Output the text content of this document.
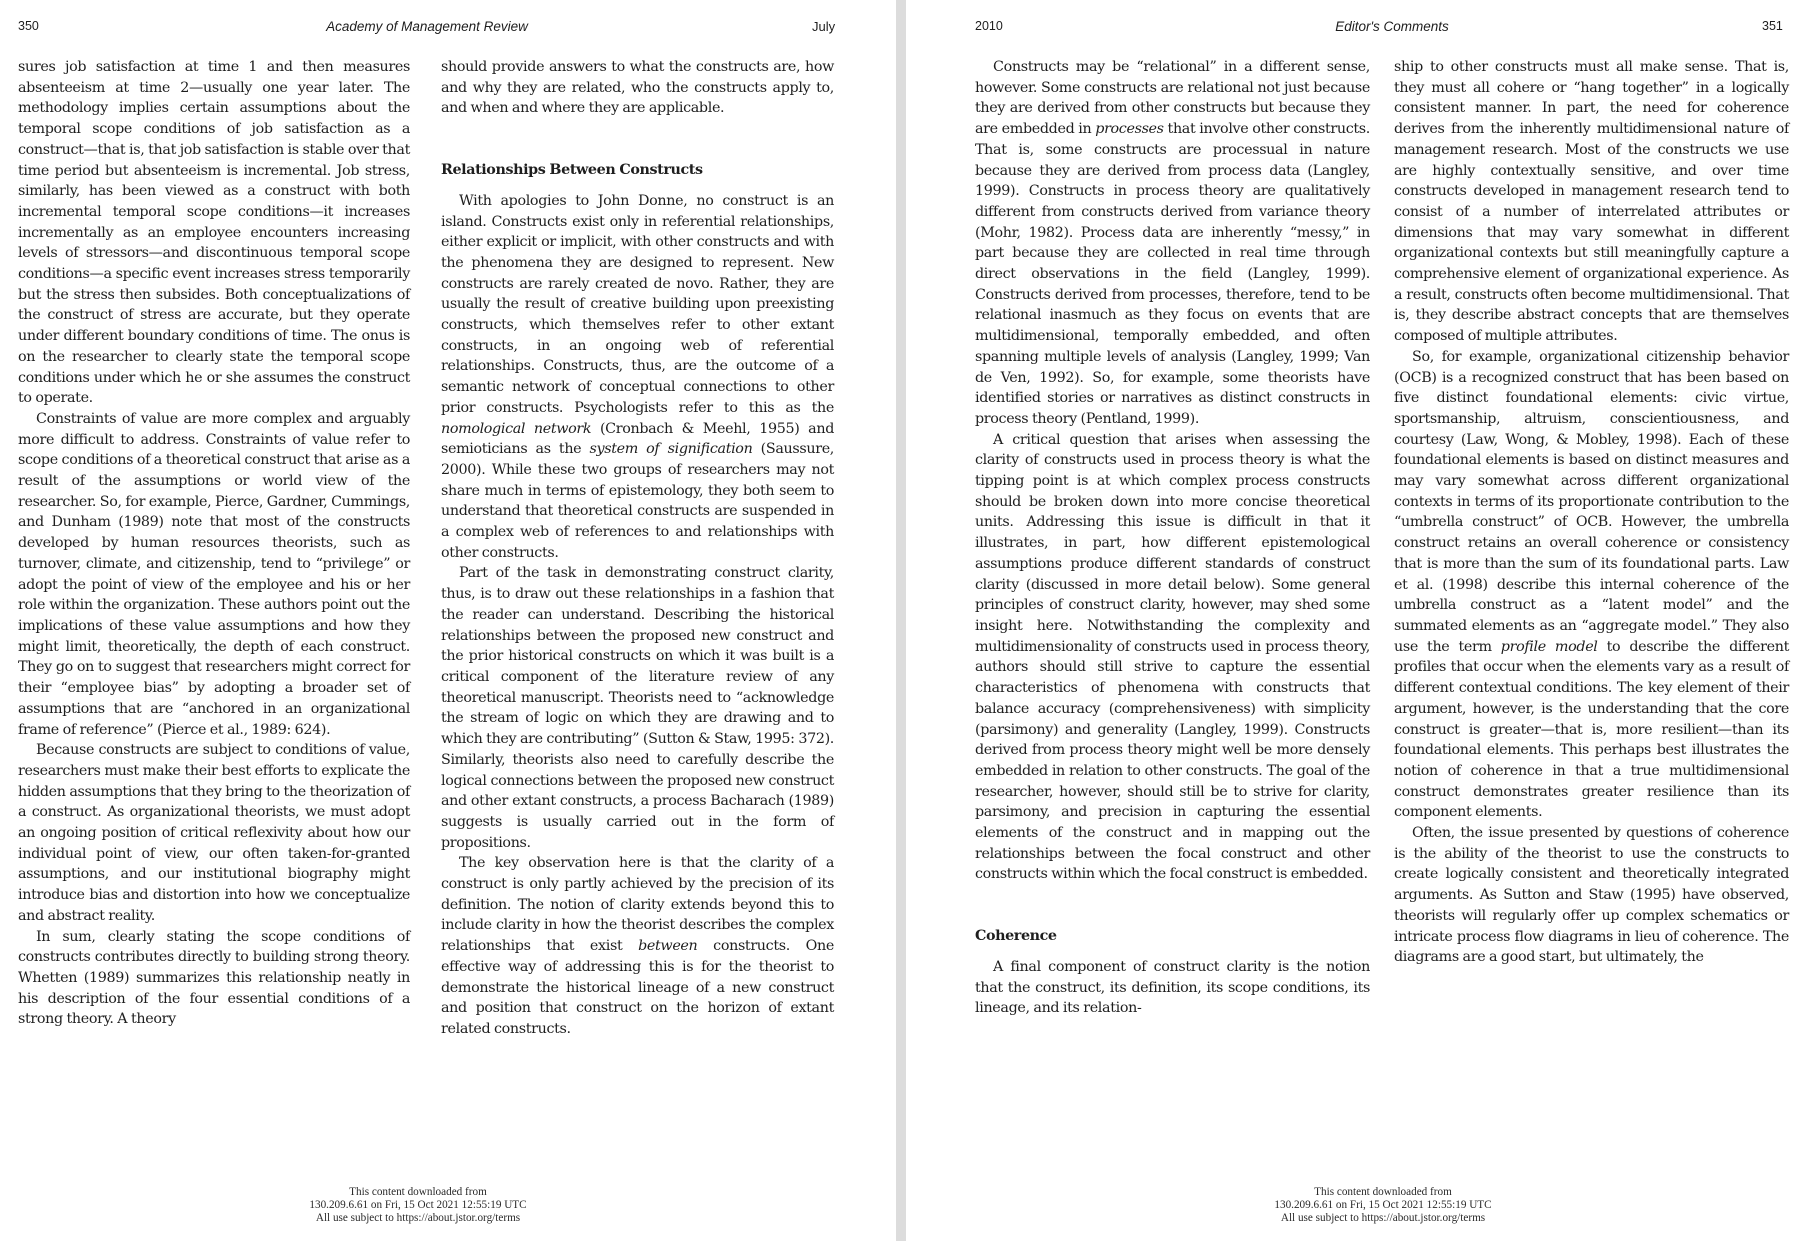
350	Academy of Management Review	July

sures job satisfaction at time 1 and then measures absenteeism at time 2—usually one year later. The methodology implies certain assumptions about the temporal scope conditions of job satisfaction as a construct—that is, that job satisfaction is stable over that time period but absenteeism is incremental. Job stress, similarly, has been viewed as a construct with both incremental temporal scope conditions—it increases incrementally as an employee encounters increasing levels of stressors—and discontinuous temporal scope conditions—a specific event increases stress temporarily but the stress then subsides. Both conceptualizations of the construct of stress are accurate, but they operate under different boundary conditions of time. The onus is on the researcher to clearly state the temporal scope conditions under which he or she assumes the construct to operate.

Constraints of value are more complex and arguably more difficult to address. Constraints of value refer to scope conditions of a theoretical construct that arise as a result of the assumptions or world view of the researcher. So, for example, Pierce, Gardner, Cummings, and Dunham (1989) note that most of the constructs developed by human resources theorists, such as turnover, climate, and citizenship, tend to “privilege” or adopt the point of view of the employee and his or her role within the organization. These authors point out the implications of these value assumptions and how they might limit, theoretically, the depth of each construct. They go on to suggest that researchers might correct for their “employee bias” by adopting a broader set of assumptions that are “anchored in an organizational frame of reference” (Pierce et al., 1989: 624).

Because constructs are subject to conditions of value, researchers must make their best efforts to explicate the hidden assumptions that they bring to the theorization of a construct. As organizational theorists, we must adopt an ongoing position of critical reflexivity about how our individual point of view, our often taken-for-granted assumptions, and our institutional biography might introduce bias and distortion into how we conceptualize and abstract reality.

In sum, clearly stating the scope conditions of constructs contributes directly to building strong theory. Whetten (1989) summarizes this relationship neatly in his description of the four essential conditions of a strong theory. A theory

should provide answers to what the constructs are, how and why they are related, who the constructs apply to, and when and where they are applicable.

Relationships Between Constructs

With apologies to John Donne, no construct is an island. Constructs exist only in referential relationships, either explicit or implicit, with other constructs and with the phenomena they are designed to represent. New constructs are rarely created de novo. Rather, they are usually the result of creative building upon preexisting constructs, which themselves refer to other extant constructs, in an ongoing web of referential relationships. Constructs, thus, are the outcome of a semantic network of conceptual connections to other prior constructs. Psychologists refer to this as the nomological network (Cronbach & Meehl, 1955) and semioticians as the system of signification (Saussure, 2000). While these two groups of researchers may not share much in terms of epistemology, they both seem to understand that theoretical constructs are suspended in a complex web of references to and relationships with other constructs.

Part of the task in demonstrating construct clarity, thus, is to draw out these relationships in a fashion that the reader can understand. Describing the historical relationships between the proposed new construct and the prior historical constructs on which it was built is a critical component of the literature review of any theoretical manuscript. Theorists need to “acknowledge the stream of logic on which they are drawing and to which they are contributing” (Sutton & Staw, 1995: 372). Similarly, theorists also need to carefully describe the logical connections between the proposed new construct and other extant constructs, a process Bacharach (1989) suggests is usually carried out in the form of propositions.

The key observation here is that the clarity of a construct is only partly achieved by the precision of its definition. The notion of clarity extends beyond this to include clarity in how the theorist describes the complex relationships that exist between constructs. One effective way of addressing this is for the theorist to demonstrate the historical lineage of a new construct and position that construct on the horizon of extant related constructs.

This content downloaded from
130.209.6.61 on Fri, 15 Oct 2021 12:55:19 UTC
All use subject to https://about.jstor.org/terms
2010	Editor's Comments	351

Constructs may be “relational” in a different sense, however. Some constructs are relational not just because they are derived from other constructs but because they are embedded in processes that involve other constructs. That is, some constructs are processual in nature because they are derived from process data (Langley, 1999). Constructs in process theory are qualitatively different from constructs derived from variance theory (Mohr, 1982). Process data are inherently “messy,” in part because they are collected in real time through direct observations in the field (Langley, 1999). Constructs derived from processes, therefore, tend to be relational inasmuch as they focus on events that are multidimensional, temporally embedded, and often spanning multiple levels of analysis (Langley, 1999; Van de Ven, 1992). So, for example, some theorists have identified stories or narratives as distinct constructs in process theory (Pentland, 1999).

A critical question that arises when assessing the clarity of constructs used in process theory is what the tipping point is at which complex process constructs should be broken down into more concise theoretical units. Addressing this issue is difficult in that it illustrates, in part, how different epistemological assumptions produce different standards of construct clarity (discussed in more detail below). Some general principles of construct clarity, however, may shed some insight here. Notwithstanding the complexity and multidimensionality of constructs used in process theory, authors should still strive to capture the essential characteristics of phenomena with constructs that balance accuracy (comprehensiveness) with simplicity (parsimony) and generality (Langley, 1999). Constructs derived from process theory might well be more densely embedded in relation to other constructs. The goal of the researcher, however, should still be to strive for clarity, parsimony, and precision in capturing the essential elements of the construct and in mapping out the relationships between the focal construct and other constructs within which the focal construct is embedded.

Coherence

A final component of construct clarity is the notion that the construct, its definition, its scope conditions, its lineage, and its relation-

ship to other constructs must all make sense. That is, they must all cohere or “hang together” in a logically consistent manner. In part, the need for coherence derives from the inherently multidimensional nature of management research. Most of the constructs we use are highly contextually sensitive, and over time constructs developed in management research tend to consist of a number of interrelated attributes or dimensions that may vary somewhat in different organizational contexts but still meaningfully capture a comprehensive element of organizational experience. As a result, constructs often become multidimensional. That is, they describe abstract concepts that are themselves composed of multiple attributes.

So, for example, organizational citizenship behavior (OCB) is a recognized construct that has been based on five distinct foundational elements: civic virtue, sportsmanship, altruism, conscientiousness, and courtesy (Law, Wong, & Mobley, 1998). Each of these foundational elements is based on distinct measures and may vary somewhat across different organizational contexts in terms of its proportionate contribution to the “umbrella construct” of OCB. However, the umbrella construct retains an overall coherence or consistency that is more than the sum of its foundational parts. Law et al. (1998) describe this internal coherence of the umbrella construct as a “latent model” and the summated elements as an “aggregate model.” They also use the term profile model to describe the different profiles that occur when the elements vary as a result of different contextual conditions. The key element of their argument, however, is the understanding that the core construct is greater—that is, more resilient—than its foundational elements. This perhaps best illustrates the notion of coherence in that a true multidimensional construct demonstrates greater resilience than its component elements.

Often, the issue presented by questions of coherence is the ability of the theorist to use the constructs to create logically consistent and theoretically integrated arguments. As Sutton and Staw (1995) have observed, theorists will regularly offer up complex schematics or intricate process flow diagrams in lieu of coherence. The diagrams are a good start, but ultimately, the

This content downloaded from
130.209.6.61 on Fri, 15 Oct 2021 12:55:19 UTC
All use subject to https://about.jstor.org/terms
